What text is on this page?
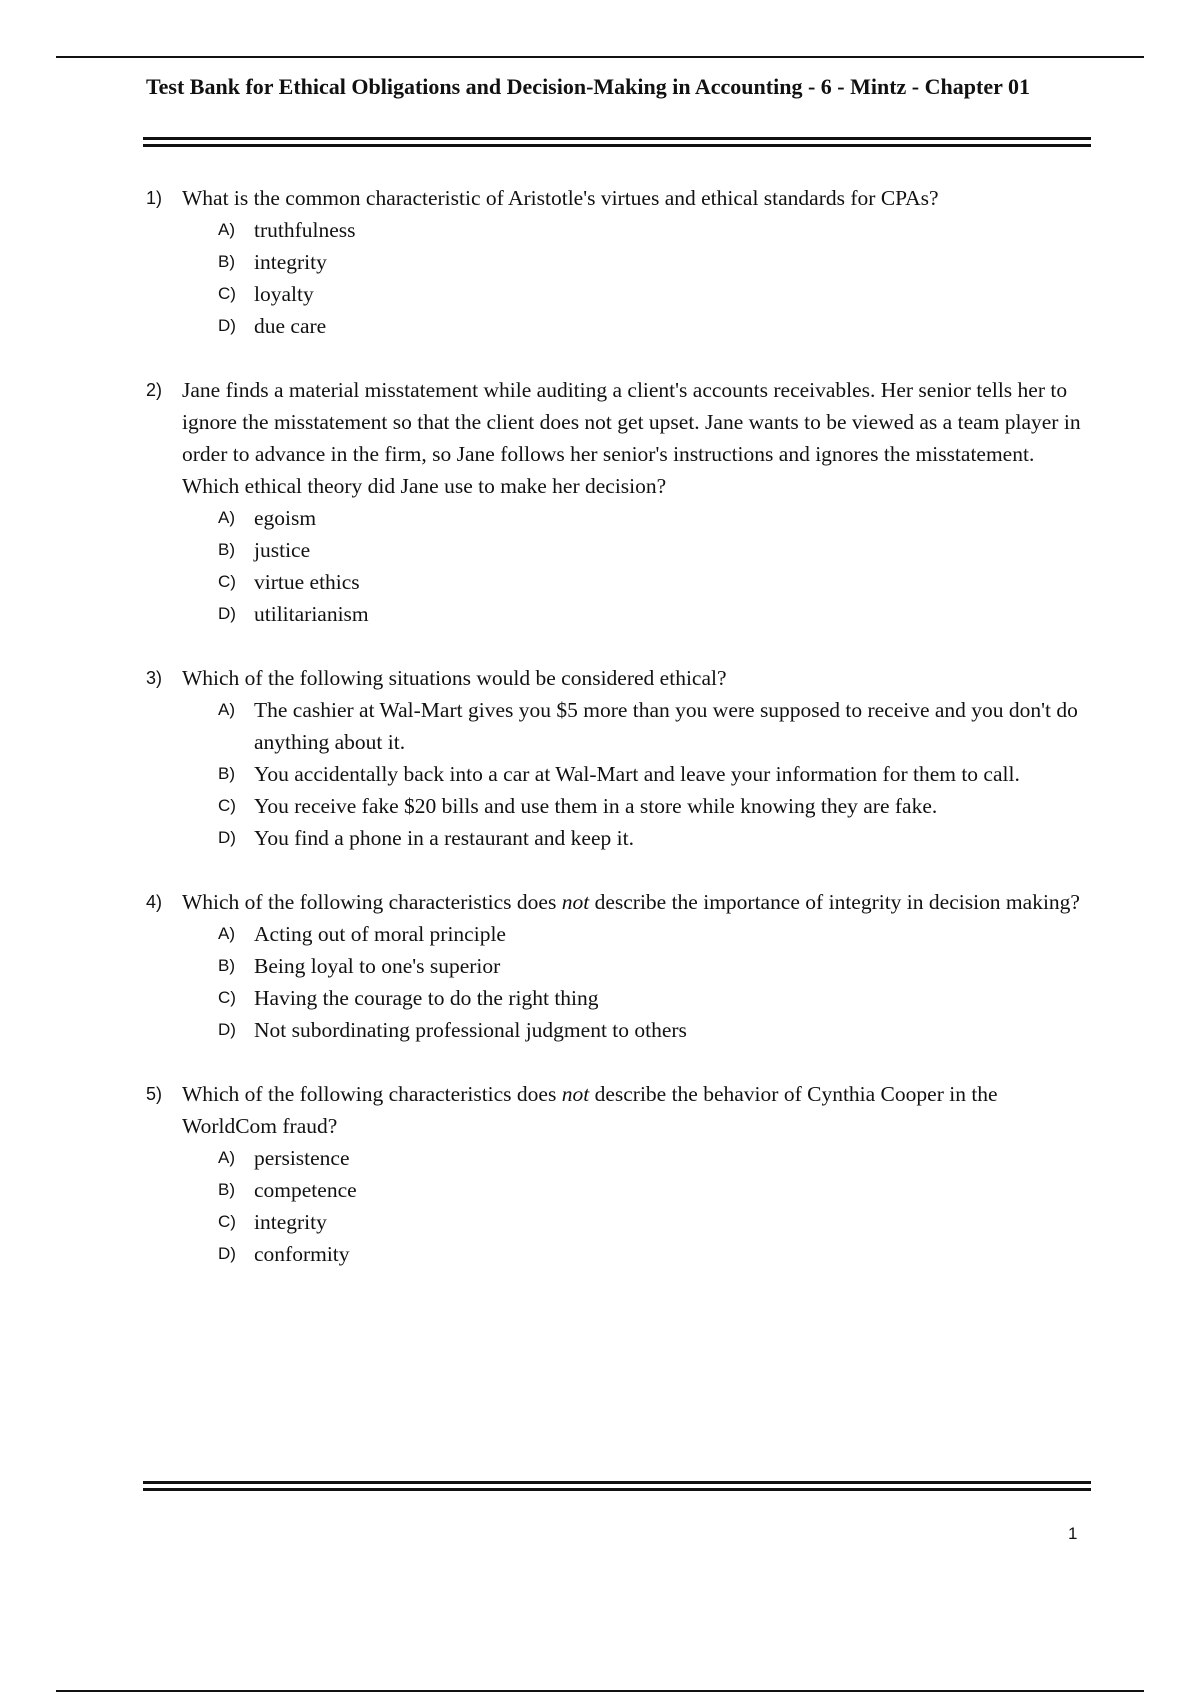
Test Bank for Ethical Obligations and Decision-Making in Accounting - 6 - Mintz - Chapter 01
1) What is the common characteristic of Aristotle's virtues and ethical standards for CPAs?
A) truthfulness
B) integrity
C) loyalty
D) due care
2) Jane finds a material misstatement while auditing a client's accounts receivables. Her senior tells her to ignore the misstatement so that the client does not get upset. Jane wants to be viewed as a team player in order to advance in the firm, so Jane follows her senior's instructions and ignores the misstatement. Which ethical theory did Jane use to make her decision?
A) egoism
B) justice
C) virtue ethics
D) utilitarianism
3) Which of the following situations would be considered ethical?
A) The cashier at Wal-Mart gives you $5 more than you were supposed to receive and you don't do anything about it.
B) You accidentally back into a car at Wal-Mart and leave your information for them to call.
C) You receive fake $20 bills and use them in a store while knowing they are fake.
D) You find a phone in a restaurant and keep it.
4) Which of the following characteristics does not describe the importance of integrity in decision making?
A) Acting out of moral principle
B) Being loyal to one's superior
C) Having the courage to do the right thing
D) Not subordinating professional judgment to others
5) Which of the following characteristics does not describe the behavior of Cynthia Cooper in the WorldCom fraud?
A) persistence
B) competence
C) integrity
D) conformity
1
